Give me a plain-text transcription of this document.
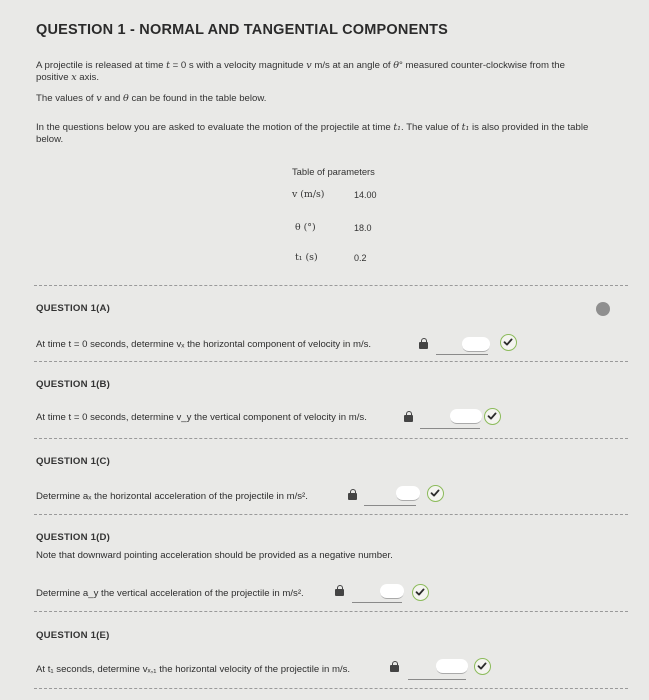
QUESTION 1 - NORMAL AND TANGENTIAL COMPONENTS
A projectile is released at time t = 0 s with a velocity magnitude v m/s at an angle of θ° measured counter-clockwise from the
positive x axis.
The values of v and θ can be found in the table below.
In the questions below you are asked to evaluate the motion of the projectile at time t₁. The value of t₁ is also provided in the table
below.
Table of parameters
v (m/s)	14.00
θ (°)	18.0
t₁ (s)	0.2
QUESTION 1(A)
At time t = 0 seconds, determine vₓ the horizontal component of velocity in m/s.
QUESTION 1(B)
At time t = 0 seconds, determine v_y the vertical component of velocity in m/s.
QUESTION 1(C)
Determine aₓ the horizontal acceleration of the projectile in m/s².
QUESTION 1(D)
Note that downward pointing acceleration should be provided as a negative number.
Determine a_y the vertical acceleration of the projectile in m/s².
QUESTION 1(E)
At t₁ seconds, determine vₓ,₁ the horizontal velocity of the projectile in m/s.
